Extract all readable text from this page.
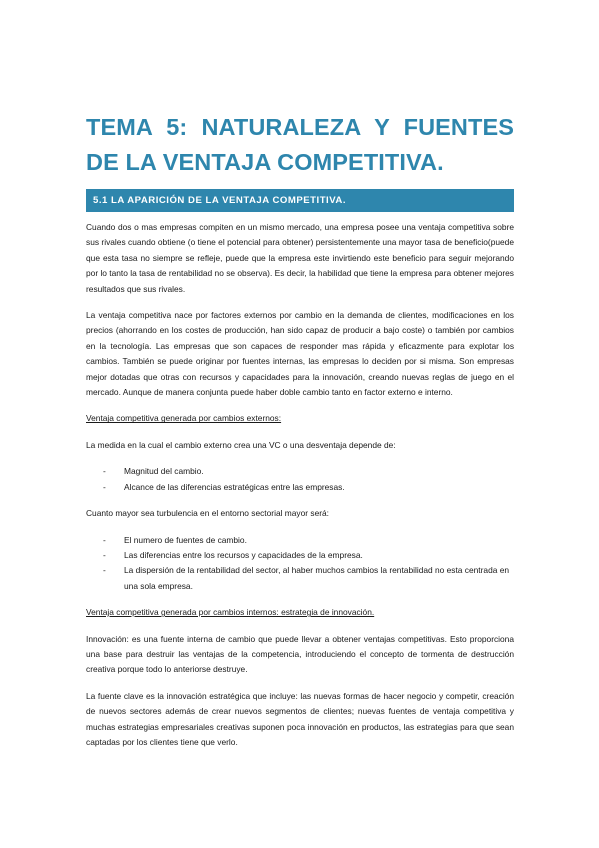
TEMA 5: NATURALEZA Y FUENTES DE LA VENTAJA COMPETITIVA.
5.1 LA APARICIÓN DE LA VENTAJA COMPETITIVA.

Cuando dos o mas empresas compiten en un mismo mercado, una empresa posee una ventaja competitiva sobre sus rivales cuando obtiene (o tiene el potencial para obtener) persistentemente una mayor tasa de beneficio(puede que esta tasa no siempre se refleje, puede que la empresa este invirtiendo este beneficio para seguir mejorando por lo tanto la tasa de rentabilidad no se observa). Es decir, la habilidad que tiene la empresa para obtener mejores resultados que sus rivales.

La ventaja competitiva nace por factores externos por cambio en la demanda de clientes, modificaciones en los precios (ahorrando en los costes de producción, han sido capaz de producir a bajo coste) o también por cambios en la tecnología. Las empresas que son capaces de responder mas rápida y eficazmente para explotar los cambios. También se puede originar por fuentes internas, las empresas lo deciden por si misma. Son empresas mejor dotadas que otras con recursos y capacidades para la innovación, creando nuevas reglas de juego en el mercado. Aunque de manera conjunta puede haber doble cambio tanto en factor externo e interno.

Ventaja competitiva generada por cambios externos:

La medida en la cual el cambio externo crea una VC o una desventaja depende de:

- Magnitud del cambio.
- Alcance de las diferencias estratégicas entre las empresas.

Cuanto mayor sea turbulencia en el entorno sectorial mayor será:

- El numero de fuentes de cambio.
- Las diferencias entre los recursos y capacidades de la empresa.
- La dispersión de la rentabilidad del sector, al haber muchos cambios la rentabilidad no esta centrada en una sola empresa.

Ventaja competitiva generada por cambios internos: estrategia de innovación.

Innovación: es una fuente interna de cambio que puede llevar a obtener ventajas competitivas. Esto proporciona una base para destruir las ventajas de la competencia, introduciendo el concepto de tormenta de destrucción creativa porque todo lo anteriorse destruye.

La fuente clave es la innovación estratégica que incluye: las nuevas formas de hacer negocio y competir, creación de nuevos sectores además de crear nuevos segmentos de clientes; nuevas fuentes de ventaja competitiva y muchas estrategias empresariales creativas suponen poca innovación en productos, las estrategias para que sean captadas por los clientes tiene que verlo.
